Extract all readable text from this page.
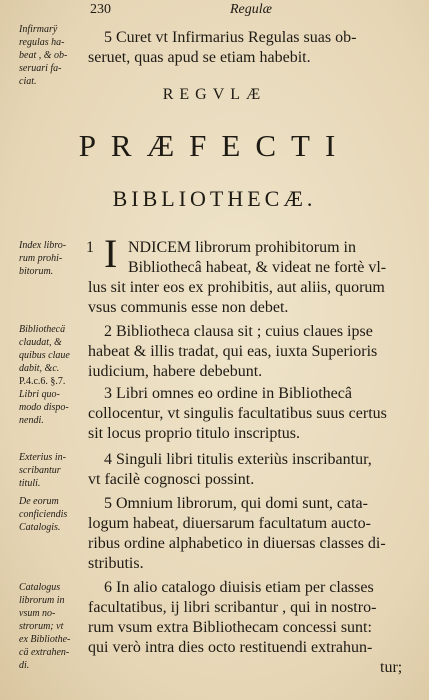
230	Regulæ
Infirmarÿ
regulas ha-
beat , & ob-
seruari fa-
ciat.
5 Curet vt Infirmarius Regulas suas ob-
seruet, quas apud se etiam habebit.
REGVLÆ
PRÆFECTI
BIBLIOTHECÆ.
Index libro-
rum prohi-
bitorum.
1 I NDICEM librorum prohibitorum in
Bibliothecâ habeat, & videat ne fortè vl-
lus sit inter eos ex prohibitis, aut aliis, quorum
vsus communis esse non debet.
Bibliothecä
claudat, &
quibus claue
dabit, &c.
P.4.c.6. §.7.
Libri quo-
modo dispo-
nendi.
2 Bibliotheca clausa sit ; cuius claues ipse
habeat & illis tradat, qui eas, iuxta Superioris
iudicium, habere debebunt.
3 Libri omnes eo ordine in Bibliothecâ
collocentur, vt singulis facultatibus suus certus
sit locus proprio titulo inscriptus.
Exterius in-
scribantur
tituli.
4 Singuli libri titulis exteriùs inscribantur,
vt facilè cognosci possint.
De eorum
conficiendis
Catalogis.
5 Omnium librorum, qui domi sunt, cata-
logum habeat, diuersarum facultatum aucto-
ribus ordine alphabetico in diuersas classes di-
stributis.
Catalogus
librorum in
vsum no-
strorum; vt
ex Bibliothe-
cä extrahen-
di.
6 In alio catalogo diuisis etiam per classes
facultatibus, ij libri scribantur , qui in nostro-
rum vsum extra Bibliothecam concessi sunt:
qui verò intra dies octo restituendi extrahun-
tur;
